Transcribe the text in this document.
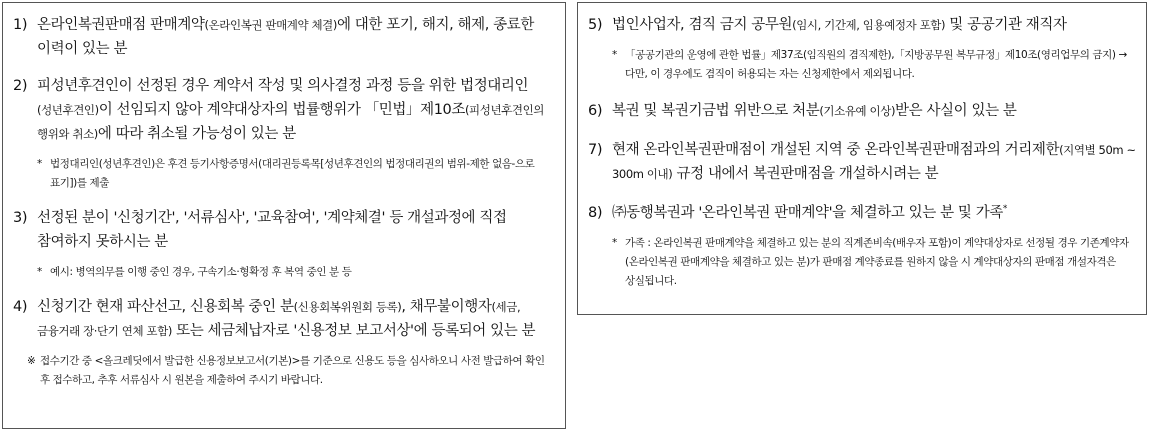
1) 온라인복권판매점 판매계약(온라인복권 판매계약 체결)에 대한 포기, 해지, 해제, 종료한 이력이 있는 분
2) 피성년후견인이 선정된 경우 계약서 작성 및 의사결정 과정 등을 위한 법정대리인(성년후견인)이 선임되지 않아 계약대상자의 법률행위가 「민법」제10조(피성년후견인의 행위와 취소)에 따라 취소될 가능성이 있는 분
* 법정대리인(성년후견인)은 후견 등기사항증명서(대리권등록목[성년후견인의 법정대리권의 범위-제한 없음-으로 표기])를 제출
3) 선정된 분이 '신청기간', '서류심사', '교육참여', '계약체결' 등 개설과정에 직접 참여하지 못하시는 분
* 예시: 병역의무를 이행 중인 경우, 구속기소·형확정 후 복역 중인 분 등
4) 신청기간 현재 파산선고, 신용회복 중인 분(신용회복위원회 등록), 채무불이행자(세금, 금융거래 장·단기 연체 포함) 또는 세금체납자로 '신용정보 보고서상'에 등록되어 있는 분
※ 접수기간 중 <올크레딧에서 발급한 신용정보보고서(기본)>를 기준으로 신용도 등을 심사하오니 사전 발급하여 확인 후 접수하고, 추후 서류심사 시 원본을 제출하여 주시기 바랍니다.
5) 법인사업자, 겸직 금지 공무원(임시, 기간제, 임용예정자 포함) 및 공공기관 재직자
* 「공공기관의 운영에 관한 법률」제37조(임직원의 겸직제한),「지방공무원 복무규정」제10조(영리업무의 금지) → 다만, 이 경우에도 겸직이 허용되는 자는 신청제한에서 제외됩니다.
6) 복권 및 복권기금법 위반으로 처분(기소유예 이상)받은 사실이 있는 분
7) 현재 온라인복권판매점이 개설된 지역 중 온라인복권판매점과의 거리제한(지역별 50m ~ 300m 이내) 규정 내에서 복권판매점을 개설하시려는 분
8) ㈜동행복권과 '온라인복권 판매계약'을 체결하고 있는 분 및 가족*
* 가족 : 온라인복권 판매계약을 체결하고 있는 분의 직계존비속(배우자 포함)이 계약대상자로 선정될 경우 기존계약자(온라인복권 판매계약을 체결하고 있는 분)가 판매점 계약종료를 원하지 않을 시 계약대상자의 판매점 개설자격은 상실됩니다.
